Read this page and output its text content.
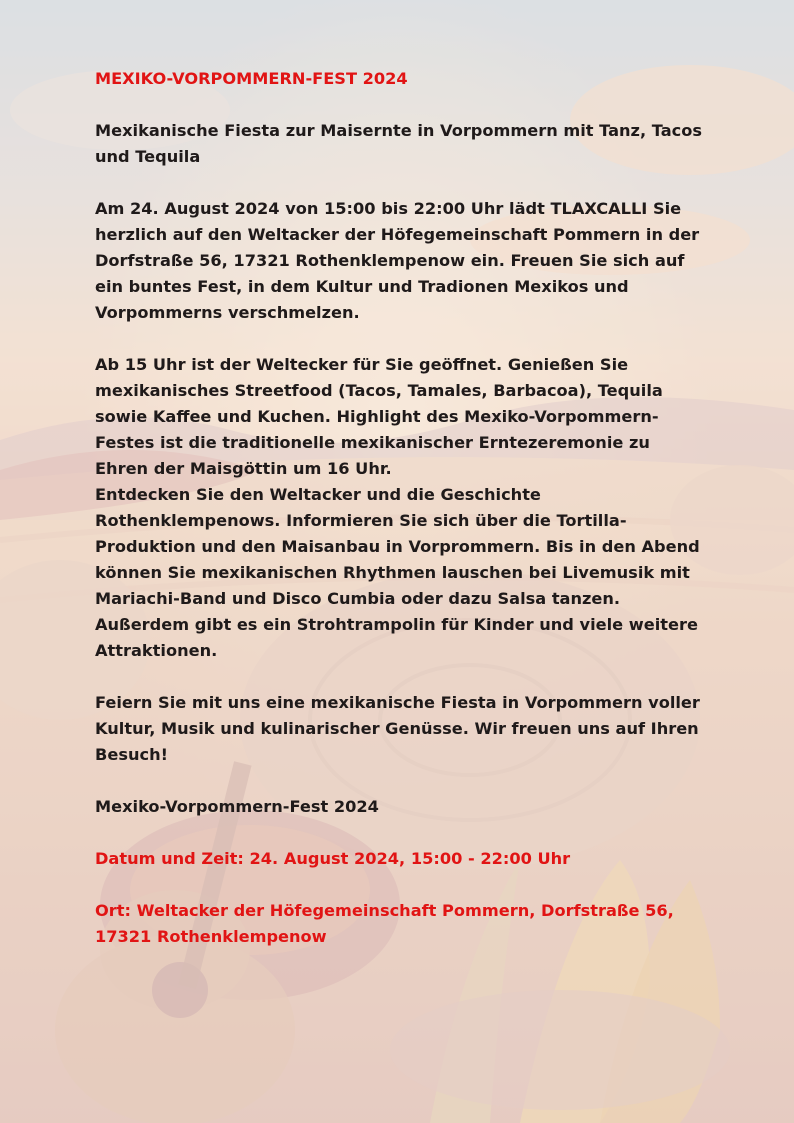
MEXIKO-VORPOMMERN-FEST 2024

Mexikanische Fiesta zur Maisernte in Vorpommern mit Tanz, Tacos und Tequila

Am 24. August 2024 von 15:00 bis 22:00 Uhr lädt TLAXCALLI Sie herzlich auf den Weltacker der Höfegemeinschaft Pommern in der Dorfstraße 56, 17321 Rothenklempenow ein. Freuen Sie sich auf ein buntes Fest, in dem Kultur und Tradionen Mexikos und Vorpommerns verschmelzen.

Ab 15 Uhr ist der Weltecker für Sie geöffnet. Genießen Sie mexikanisches Streetfood (Tacos, Tamales, Barbacoa), Tequila sowie Kaffee und Kuchen. Highlight des Mexiko-Vorpommern-Festes ist die traditionelle mexikanischer Erntezeremonie zu Ehren der Maisgöttin um 16 Uhr.

Entdecken Sie den Weltacker und die Geschichte Rothenklempenows. Informieren Sie sich über die Tortilla-Produktion und den Maisanbau in Vorprommern. Bis in den Abend können Sie mexikanischen Rhythmen lauschen bei Livemusik mit Mariachi-Band und Disco Cumbia oder dazu Salsa tanzen. Außerdem gibt es ein Strohtrampolin für Kinder und viele weitere Attraktionen.

Feiern Sie mit uns eine mexikanische Fiesta in Vorpommern voller Kultur, Musik und kulinarischer Genüsse. Wir freuen uns auf Ihren Besuch!

Mexiko-Vorpommern-Fest 2024

Datum und Zeit: 24. August 2024, 15:00 - 22:00 Uhr

Ort: Weltacker der Höfegemeinschaft Pommern, Dorfstraße 56, 17321 Rothenklempenow
